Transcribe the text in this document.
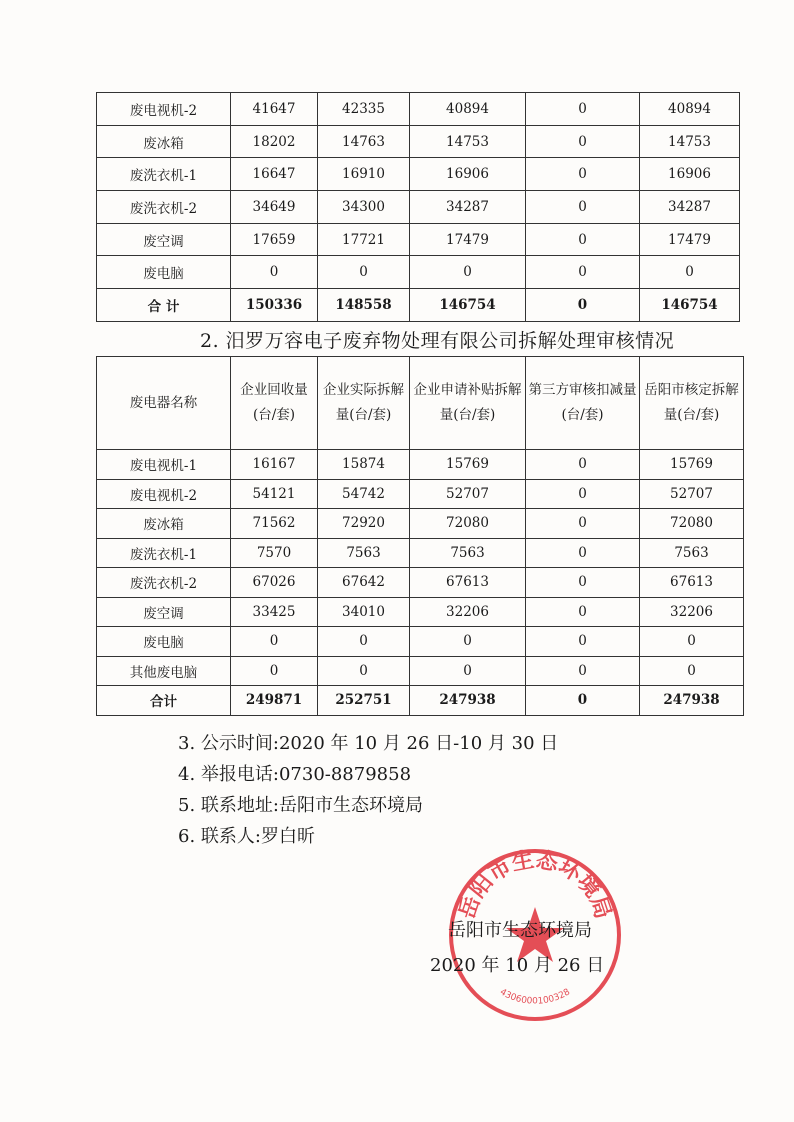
废电视机-2	41647	42335	40894	0	40894
废冰箱	18202	14763	14753	0	14753
废洗衣机-1	16647	16910	16906	0	16906
废洗衣机-2	34649	34300	34287	0	34287
废空调	17659	17721	17479	0	17479
废电脑	0	0	0	0	0
合 计	150336	148558	146754	0	146754
2. 汨罗万容电子废弃物处理有限公司拆解处理审核情况
废电器名称	企业回收量(台/套)	企业实际拆解量(台/套)	企业申请补贴拆解量(台/套)	第三方审核扣减量(台/套)	岳阳市核定拆解量(台/套)
废电视机-1	16167	15874	15769	0	15769
废电视机-2	54121	54742	52707	0	52707
废冰箱	71562	72920	72080	0	72080
废洗衣机-1	7570	7563	7563	0	7563
废洗衣机-2	67026	67642	67613	0	67613
废空调	33425	34010	32206	0	32206
废电脑	0	0	0	0	0
其他废电脑	0	0	0	0	0
合计	249871	252751	247938	0	247938
3. 公示时间:2020 年 10 月 26 日-10 月 30 日
4. 举报电话:0730-8879858
5. 联系地址:岳阳市生态环境局
6. 联系人:罗白昕
岳阳市生态环境局
4306000100328
岳阳市生态环境局
2020 年 10 月 26 日
